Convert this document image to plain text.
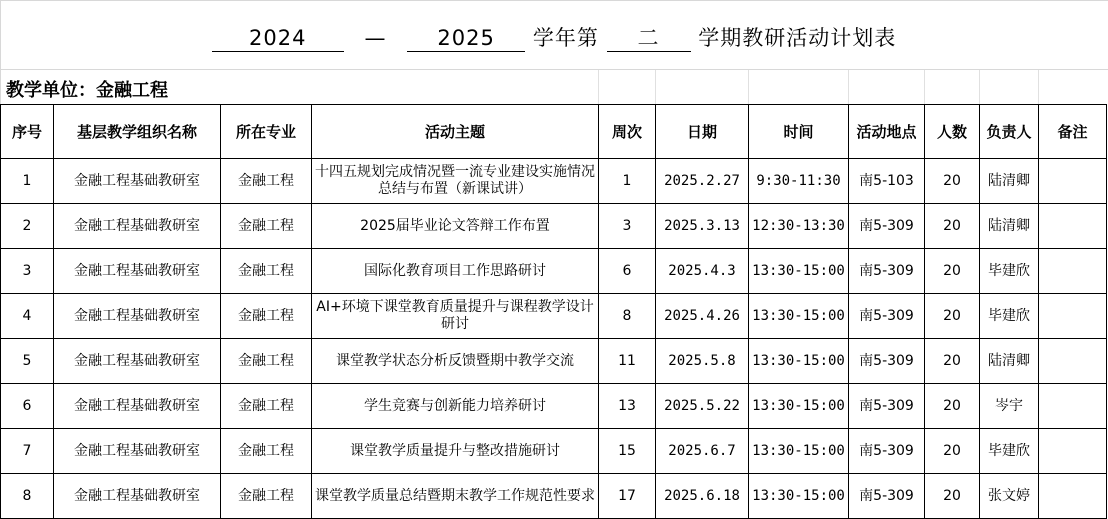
2024	— 2025 学年第 二 学期教研活动计划表
教学单位：金融工程
序号	基层教学组织名称	所在专业	活动主题	周次	日期	时间	活动地点	人数	负责人	备注
1	金融工程基础教研室	金融工程	十四五规划完成情况暨一流专业建设实施情况总结与布置（新课试讲）	1	2025.2.27	9:30-11:30	南5-103	20	陆清卿	
2	金融工程基础教研室	金融工程	2025届毕业论文答辩工作布置	3	2025.3.13	12:30-13:30	南5-309	20	陆清卿	
3	金融工程基础教研室	金融工程	国际化教育项目工作思路研讨	6	2025.4.3	13:30-15:00	南5-309	20	毕建欣	
4	金融工程基础教研室	金融工程	AI+环境下课堂教育质量提升与课程教学设计研讨	8	2025.4.26	13:30-15:00	南5-309	20	毕建欣	
5	金融工程基础教研室	金融工程	课堂教学状态分析反馈暨期中教学交流	11	2025.5.8	13:30-15:00	南5-309	20	陆清卿	
6	金融工程基础教研室	金融工程	学生竞赛与创新能力培养研讨	13	2025.5.22	13:30-15:00	南5-309	20	岑宇	
7	金融工程基础教研室	金融工程	课堂教学质量提升与整改措施研讨	15	2025.6.7	13:30-15:00	南5-309	20	毕建欣	
8	金融工程基础教研室	金融工程	课堂教学质量总结暨期末教学工作规范性要求	17	2025.6.18	13:30-15:00	南5-309	20	张文婷	
